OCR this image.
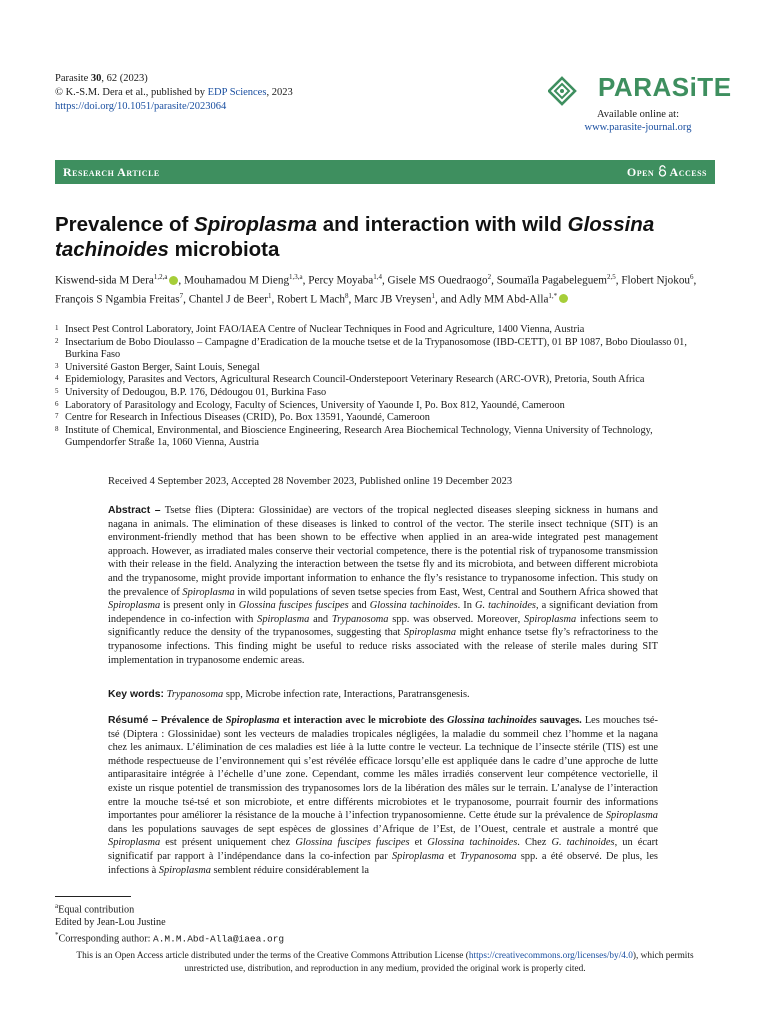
Parasite 30, 62 (2023)
© K.-S.M. Dera et al., published by EDP Sciences, 2023
https://doi.org/10.1051/parasite/2023064
PARASiTE
Available online at:
www.parasite-journal.org
Research Article	Open  Access
Prevalence of Spiroplasma and interaction with wild Glossina tachinoides microbiota
Kiswend-sida M Dera$^{1,2,a}$ , Mouhamadou M Dieng$^{1,3,a}$, Percy Moyaba$^{1,4}$, Gisele MS Ouedraogo$^2$, Soumaïla Pagabeleguem$^{2,5}$, Flobert Njokou$^6$, François S Ngambia Freitas$^7$, Chantel J de Beer$^1$, Robert L Mach$^8$, Marc JB Vreysen$^1$, and Adly MM Abd-Alla$^{1,*}$
1 Insect Pest Control Laboratory, Joint FAO/IAEA Centre of Nuclear Techniques in Food and Agriculture, 1400 Vienna, Austria
2 Insectarium de Bobo Dioulasso – Campagne d’Eradication de la mouche tsetse et de la Trypanosomose (IBD-CETT), 01 BP 1087, Bobo Dioulasso 01, Burkina Faso
3 Université Gaston Berger, Saint Louis, Senegal
4 Epidemiology, Parasites and Vectors, Agricultural Research Council-Onderstepoort Veterinary Research (ARC-OVR), Pretoria, South Africa
5 University of Dedougou, B.P. 176, Dédougou 01, Burkina Faso
6 Laboratory of Parasitology and Ecology, Faculty of Sciences, University of Yaounde I, Po. Box 812, Yaoundé, Cameroon
7 Centre for Research in Infectious Diseases (CRID), Po. Box 13591, Yaoundé, Cameroon
8 Institute of Chemical, Environmental, and Bioscience Engineering, Research Area Biochemical Technology, Vienna University of Technology, Gumpendorfer Straße 1a, 1060 Vienna, Austria
Received 4 September 2023, Accepted 28 November 2023, Published online 19 December 2023
Abstract – Tsetse flies (Diptera: Glossinidae) are vectors of the tropical neglected diseases sleeping sickness in humans and nagana in animals. The elimination of these diseases is linked to control of the vector. The sterile insect technique (SIT) is an environment-friendly method that has been shown to be effective when applied in an area-wide integrated pest management approach. However, as irradiated males conserve their vectorial competence, there is the potential risk of trypanosome transmission with their release in the field. Analyzing the interaction between the tsetse fly and its microbiota, and between different microbiota and the trypanosome, might provide important information to enhance the fly’s resistance to trypanosome infection. This study on the prevalence of Spiroplasma in wild populations of seven tsetse species from East, West, Central and Southern Africa showed that Spiroplasma is present only in Glossina fuscipes fuscipes and Glossina tachinoides. In G. tachinoides, a significant deviation from independence in co-infection with Spiroplasma and Trypanosoma spp. was observed. Moreover, Spiroplasma infections seem to significantly reduce the density of the trypanosomes, suggesting that Spiroplasma might enhance tsetse fly’s refractoriness to the trypanosome infections. This finding might be useful to reduce risks associated with the release of sterile males during SIT implementation in trypanosome endemic areas.
Key words: Trypanosoma spp, Microbe infection rate, Interactions, Paratransgenesis.
Résumé – Prévalence de Spiroplasma et interaction avec le microbiote des Glossina tachinoides sauvages. Les mouches tsé-tsé (Diptera : Glossinidae) sont les vecteurs de maladies tropicales négligées, la maladie du sommeil chez l’homme et la nagana chez les animaux. L’élimination de ces maladies est liée à la lutte contre le vecteur. La technique de l’insecte stérile (TIS) est une méthode respectueuse de l’environnement qui s’est révélée efficace lorsqu’elle est appliquée dans le cadre d’une approche de lutte antiparasitaire intégrée à l’échelle d’une zone. Cependant, comme les mâles irradiés conservent leur compétence vectorielle, il existe un risque potentiel de transmission des trypanosomes lors de la libération des mâles sur le terrain. L’analyse de l’interaction entre la mouche tsé-tsé et son microbiote, et entre différents microbiotes et le trypanosome, pourrait fournir des informations importantes pour améliorer la résistance de la mouche à l’infection trypanosomienne. Cette étude sur la prévalence de Spiroplasma dans les populations sauvages de sept espèces de glossines d’Afrique de l’Est, de l’Ouest, centrale et australe a montré que Spiroplasma est présent uniquement chez Glossina fuscipes fuscipes et Glossina tachinoides. Chez G. tachinoides, un écart significatif par rapport à l’indépendance dans la co-infection par Spiroplasma et Trypanosoma spp. a été observé. De plus, les infections à Spiroplasma semblent réduire considérablement la
$^a$Equal contribution
Edited by Jean-Lou Justine
*Corresponding author: A.M.M.Abd-Alla@iaea.org
This is an Open Access article distributed under the terms of the Creative Commons Attribution License (https://creativecommons.org/licenses/by/4.0), which permits unrestricted use, distribution, and reproduction in any medium, provided the original work is properly cited.
